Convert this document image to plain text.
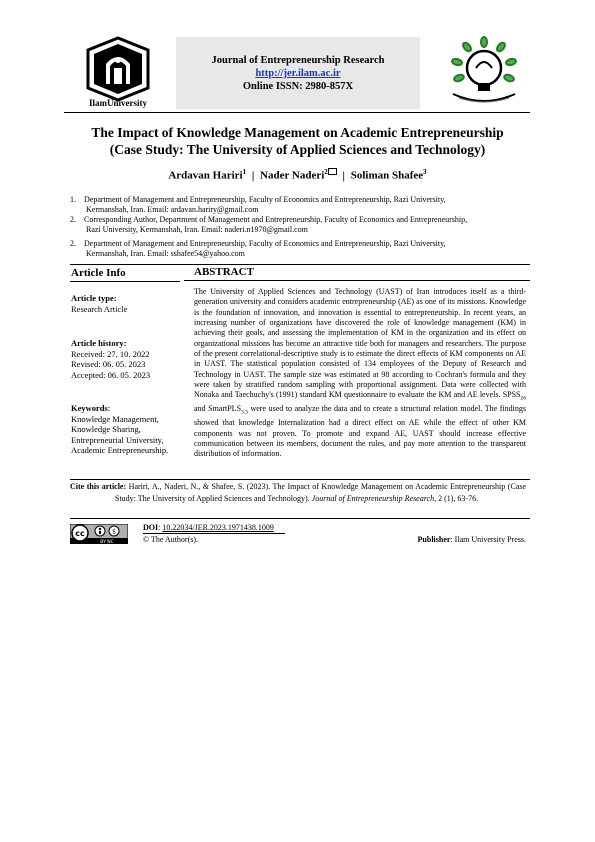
IlamUniversity
Journal of Entrepreneurship Research
http://jer.ilam.ac.ir
Online ISSN: 2980-857X
The Impact of Knowledge Management on Academic Entrepreneurship
(Case Study: The University of Applied Sciences and Technology)
Ardavan Hariri$^1$ | Nader Naderi$^2$ | Soliman Shafee$^3$
1. Department of Management and Entrepreneurship, Faculty of Economics and Entrepreneurship, Razi University,
Kermanshah, Iran. Email: ardavan.hariry@gmail.com
2. Corresponding Author, Department of Management and Entrepreneurship, Faculty of Economics and Entrepreneurship,
Razi University, Kermanshah, Iran. Email: naderi.n1970@gmail.com
2. Department of Management and Entrepreneurship, Faculty of Economics and Entrepreneurship, Razi University,
Kermanshah, Iran. Email: sshafee54@yahoo.com
Article Info	ABSTRACT
Article type:
Research Article
Article history:
Received: 27. 10. 2022
Revised: 06. 05. 2023
Accepted: 06. 05. 2023
Keywords:
Knowledge Management,
Knowledge Sharing,
Entrepreneurial University,
Academic Entrepreneurship.
The University of Applied Sciences and Technology (UAST) of Iran introduces itself as a third-generation university and considers academic entrepreneurship (AE) as one of its missions. Knowledge is the foundation of innovation, and innovation is essential to entrepreneurship. In recent years, an increasing number of organizations have discovered the role of knowledge management (KM) in achieving their goals, and assessing the implementation of KM in the organization and its effect on organizational missions has become an attractive title both for managers and researchers. The purpose of the present correlational-descriptive study is to estimate the direct effects of KM components on AE in UAST. The statistical population consisted of 134 employees of the Deputy of Research and Technology in UAST. The sample size was estimated at 98 according to Cochran's formula and they were taken by stratified random sampling with proportional assignment. Data were collected with Nonaka and Taechuchy's (1991) standard KM questionnaire to evaluate the KM and AE levels. $SPSS_{26}$ and SmartPLS$_{3.3}$ were used to analyze the data and to create a structural relation model. The findings showed that knowledge Internalization had a direct effect on AE while the effect of other KM components was not proven. To promote and expand AE, UAST should increase effective communication between its members, document the rules, and pay more attention to the transparent distribution of information.
Cite this article: Hariri, A., Naderi, N., & Shafee, S. (2023). The Impact of Knowledge Management on Academic Entrepreneurship (Case Study: The University of Applied Sciences and Technology). Journal of Entrepreneurship Research, 2 (1), 63-76.
cc	$
BY NC
DOI: 10.22034/JER.2023.1971438.1009
© The Author(s).	Publisher: Ilam University Press.
